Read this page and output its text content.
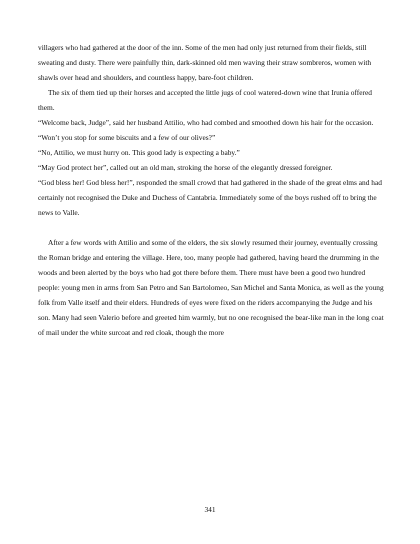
villagers who had gathered at the door of the inn. Some of the men had only just returned from their fields, still sweating and dusty. There were painfully thin, dark-skinned old men waving their straw sombreros, women with shawls over head and shoulders, and countless happy, bare-foot children.

The six of them tied up their horses and accepted the little jugs of cool watered-down wine that Irunia offered them.

“Welcome back, Judge”, said her husband Attilio, who had combed and smoothed down his hair for the occasion. “Won’t you stop for some biscuits and a few of our olives?”

“No, Attilio, we must hurry on. This good lady is expecting a baby.”

“May God protect her”, called out an old man, stroking the horse of the elegantly dressed foreigner.

“God bless her! God bless her!”, responded the small crowd that had gathered in the shade of the great elms and had certainly not recognised the Duke and Duchess of Cantabria. Immediately some of the boys rushed off to bring the news to Valle.

After a few words with Attilio and some of the elders, the six slowly resumed their journey, eventually crossing the Roman bridge and entering the village. Here, too, many people had gathered, having heard the drumming in the woods and been alerted by the boys who had got there before them. There must have been a good two hundred people: young men in arms from San Petro and San Bartolomeo, San Michel and Santa Monica, as well as the young folk from Valle itself and their elders. Hundreds of eyes were fixed on the riders accompanying the Judge and his son. Many had seen Valerio before and greeted him warmly, but no one recognised the bear-like man in the long coat of mail under the white surcoat and red cloak, though the more

341
